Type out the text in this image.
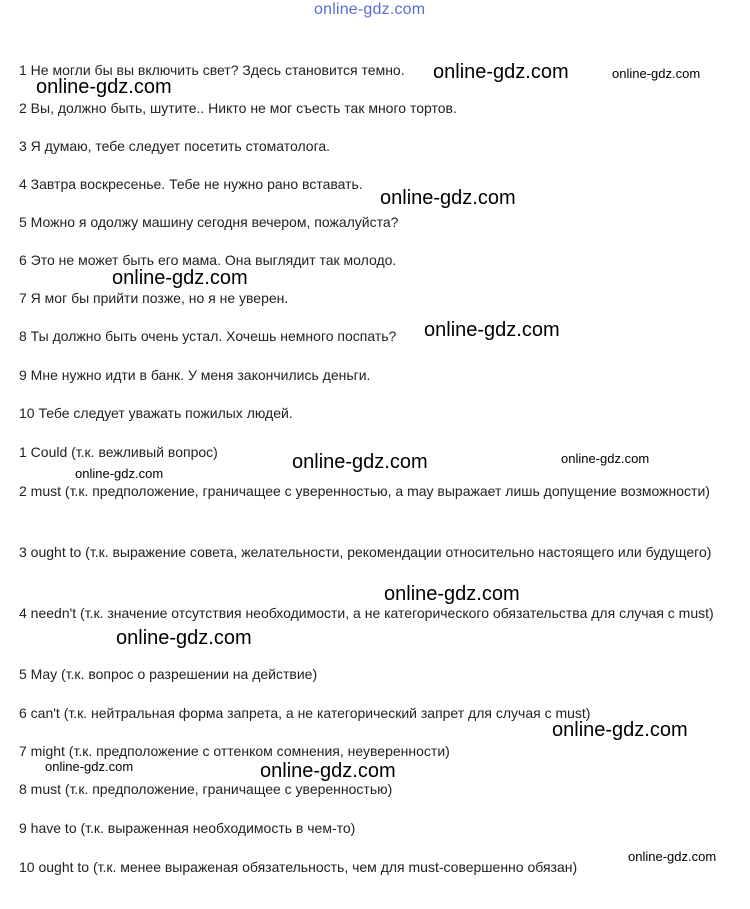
online-gdz.com
1 Не могли бы вы включить свет? Здесь становится темно.
2 Вы, должно быть, шутите.. Никто не мог съесть так много тортов.
3 Я думаю, тебе следует посетить стоматолога.
4 Завтра воскресенье. Тебе не нужно рано вставать.
5 Можно я одолжу машину сегодня вечером, пожалуйста?
6 Это не может быть его мама. Она выглядит так молодо.
7 Я мог бы прийти позже, но я не уверен.
8 Ты должно быть очень устал. Хочешь немного поспать?
9 Мне нужно идти в банк. У меня закончились деньги.
10 Тебе следует уважать пожилых людей.
1 Could (т.к. вежливый вопрос)
2 must (т.к. предположение, граничащее с уверенностью, а may выражает лишь допущение возможности)
3 ought to (т.к. выражение совета, желательности, рекомендации относительно настоящего или будущего)
4 needn't (т.к. значение отсутствия необходимости, а не категорического обязательства для случая с must)
5 May (т.к. вопрос о разрешении на действие)
6 can't (т.к. нейтральная форма запрета, а не категорический запрет для случая с must)
7 might (т.к. предположение с оттенком сомнения, неуверенности)
8 must (т.к. предположение, граничащее с уверенностью)
9 have to (т.к. выраженная необходимость в чем-то)
10 ought to (т.к. менее выраженая обязательность, чем для must-совершенно обязан)
online-gdz.com	online-gdz.com
online-gdz.com
online-gdz.com
online-gdz.com
online-gdz.com
online-gdz.com	online-gdz.com
online-gdz.com
online-gdz.com
online-gdz.com
online-gdz.com
online-gdz.com	online-gdz.com
online-gdz.com
